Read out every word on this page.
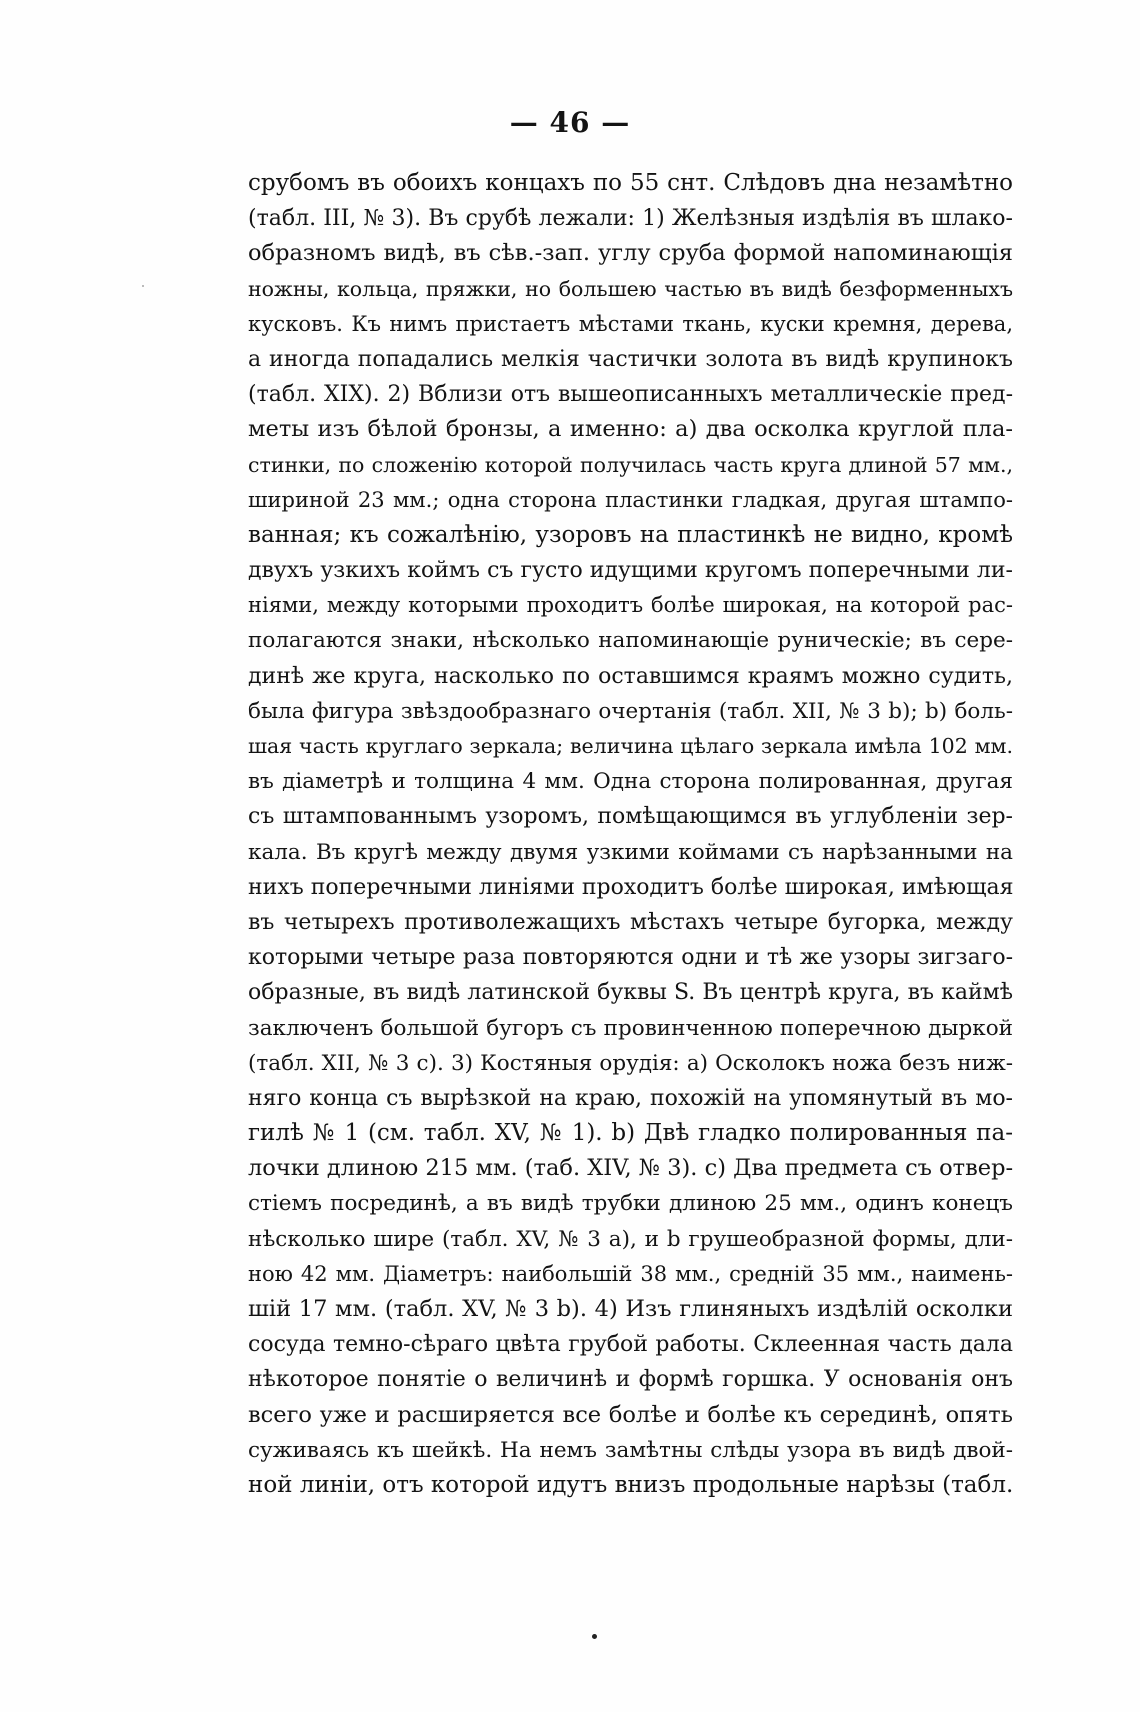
— 46 —
срубомъ въ обоихъ концахъ по 55 снт. Слѣдовъ дна незамѣтно
(табл. III, № 3). Въ срубѣ лежали: 1) Желѣзныя издѣлія въ шлако-
образномъ видѣ, въ сѣв.-зап. углу сруба формой напоминающія
ножны, кольца, пряжки, но большею частью въ видѣ безформенныхъ
кусковъ. Къ нимъ пристаетъ мѣстами ткань, куски кремня, дерева,
а иногда попадались мелкія частички золота въ видѣ крупинокъ
(табл. XIX). 2) Вблизи отъ вышеописанныхъ металлическіе пред-
меты изъ бѣлой бронзы, а именно: а) два осколка круглой пла-
стинки, по сложенію которой получилась часть круга длиной 57 мм.,
шириной 23 мм.; одна сторона пластинки гладкая, другая штампо-
ванная; къ сожалѣнію, узоровъ на пластинкѣ не видно, кромѣ
двухъ узкихъ коймъ съ густо идущими кругомъ поперечными ли-
ніями, между которыми проходитъ болѣе широкая, на которой рас-
полагаются знаки, нѣсколько напоминающіе руническіе; въ сере-
динѣ же круга, насколько по оставшимся краямъ можно судить,
была фигура звѣздообразнаго очертанія (табл. XII, № 3 b); b) боль-
шая часть круглаго зеркала; величина цѣлаго зеркала имѣла 102 мм.
въ діаметрѣ и толщина 4 мм. Одна сторона полированная, другая
съ штампованнымъ узоромъ, помѣщающимся въ углубленіи зер-
кала. Въ кругѣ между двумя узкими коймами съ нарѣзанными на
нихъ поперечными линіями проходитъ болѣе широкая, имѣющая
въ четырехъ противолежащихъ мѣстахъ четыре бугорка, между
которыми четыре раза повторяются одни и тѣ же узоры зигзаго-
образные, въ видѣ латинской буквы S. Въ центрѣ круга, въ каймѣ
заключенъ большой бугоръ съ провинченною поперечною дыркой
(табл. XII, № 3 c). 3) Костяныя орудія: а) Осколокъ ножа безъ ниж-
няго конца съ вырѣзкой на краю, похожій на упомянутый въ мо-
гилѣ № 1 (см. табл. XV, № 1). b) Двѣ гладко полированныя па-
лочки длиною 215 мм. (таб. XIV, № 3). c) Два предмета съ отвер-
стіемъ посрединѣ, a въ видѣ трубки длиною 25 мм., одинъ конецъ
нѣсколько шире (табл. XV, № 3 a), и b грушеобразной формы, дли-
ною 42 мм. Діаметръ: наибольшій 38 мм., средній 35 мм., наимень-
шій 17 мм. (табл. XV, № 3 b). 4) Изъ глиняныхъ издѣлій осколки
сосуда темно-сѣраго цвѣта грубой работы. Склеенная часть дала
нѣкоторое понятіе о величинѣ и формѣ горшка. У основанія онъ
всего уже и расширяется все болѣе и болѣе къ серединѣ, опять
суживаясь къ шейкѣ. На немъ замѣтны слѣды узора въ видѣ двой-
ной линіи, отъ которой идутъ внизъ продольные нарѣзы (табл.
